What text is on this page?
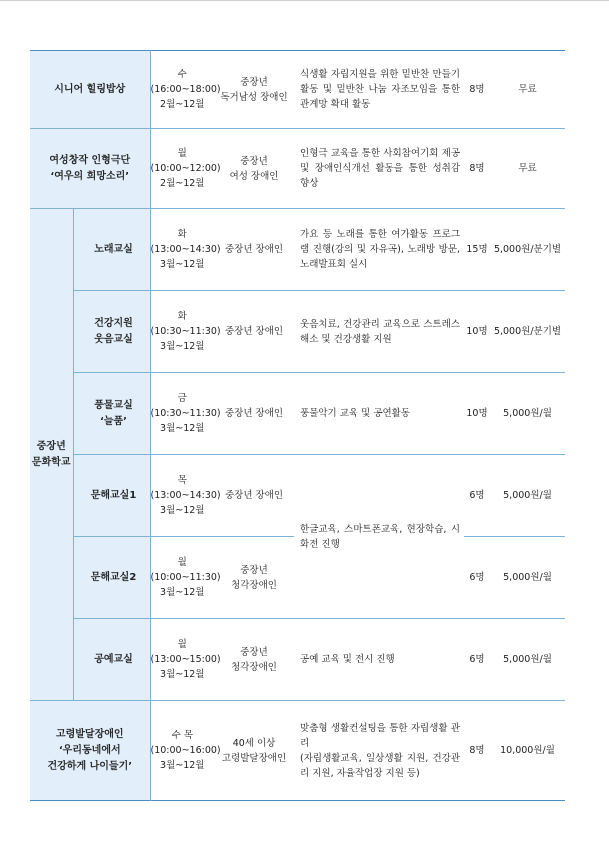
시니어 힐링밥상		수
(16:00~18:00)
2월~12월	중장년
독거남성 장애인	식생활 자립지원을 위한 밑반찬 만들기 활동 및 밑반찬 나눔 자조모임을 통한 관계망 확대 활동	8명	무료

여성창작 인형극단
‘여우의 희망소리’		월
(10:00~12:00)
2월~12월	중장년
여성 장애인	인형극 교육을 통한 사회참여기회 제공 및 장애인식개선 활동을 통한 성취감 향상	8명	무료

중장년
문화학교	노래교실	화
(13:00~14:30)
3월~12월	중장년 장애인	가요 등 노래를 통한 여가활동 프로그램 진행(강의 및 자유곡), 노래방 방문, 노래발표회 실시	15명	5,000원/분기별

	건강지원
웃음교실	화
(10:30~11:30)
3월~12월	중장년 장애인	웃음치료, 건강관리 교육으로 스트레스 해소 및 건강생활 지원	10명	5,000원/분기별

	풍물교실
‘늘품’	금
(10:30~11:30)
3월~12월	중장년 장애인	풍물악기 교육 및 공연활동	10명	5,000원/월

	문해교실1	목
(13:00~14:30)
3월~12월	중장년 장애인	한글교육, 스마트폰교육, 현장학습, 시화전 진행	6명	5,000원/월

	문해교실2	월
(10:00~11:30)
3월~12월	중장년
청각장애인		6명	5,000원/월

	공예교실	월
(13:00~15:00)
3월~12월	중장년
청각장애인	공예 교육 및 전시 진행	6명	5,000원/월

고령발달장애인
‘우리동네에서
건강하게 나이들기’		수 목
(10:00~16:00)
3월~12월	40세 이상
고령발달장애인	맞춤형 생활컨설팅을 통한 자립생활 관리
(자립생활교육, 일상생활 지원, 건강관리 지원, 자율작업장 지원 등)	8명	10,000원/월
